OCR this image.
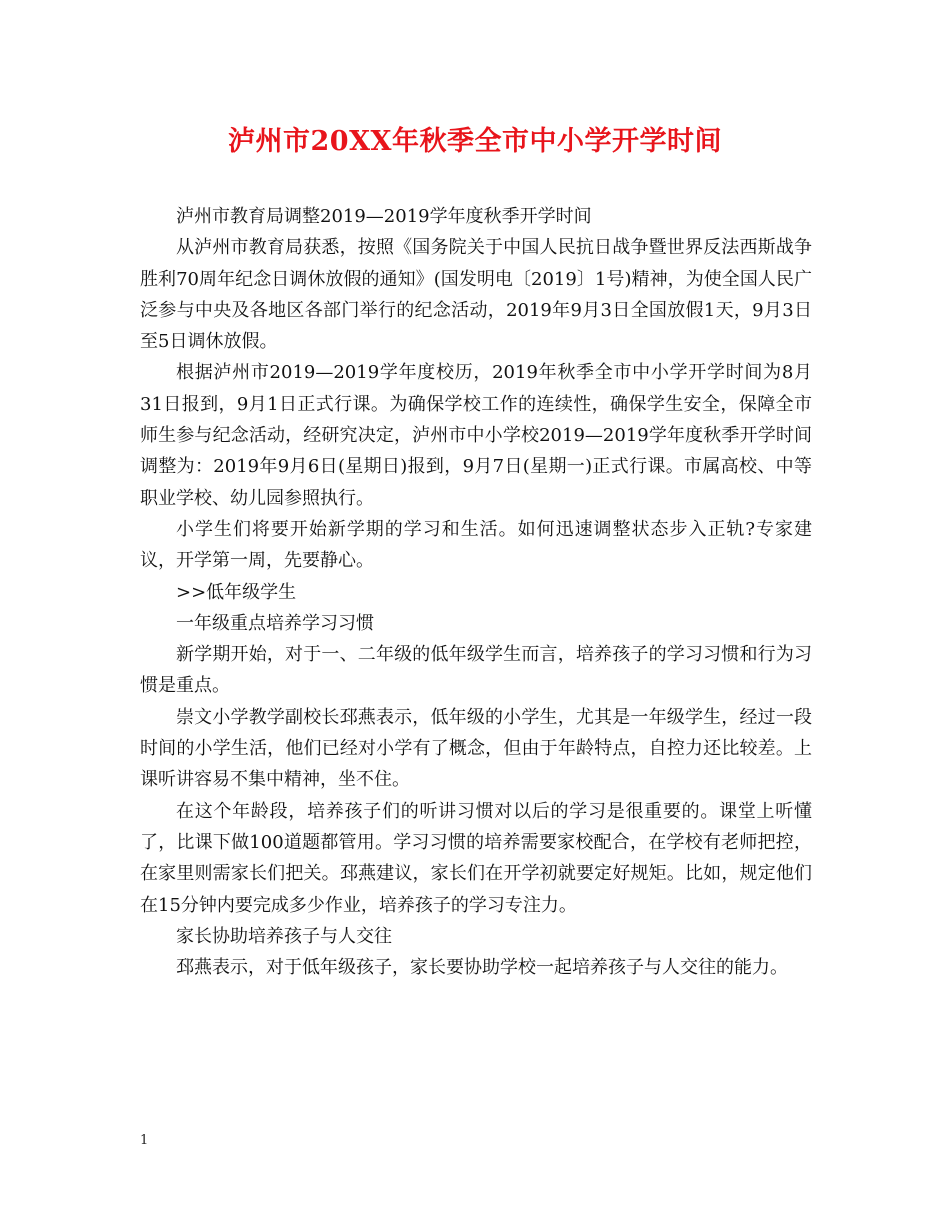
泸州市20XX年秋季全市中小学开学时间

泸州市教育局调整2019—2019学年度秋季开学时间

从泸州市教育局获悉，按照《国务院关于中国人民抗日战争暨世界反法西斯战争胜利70周年纪念日调休放假的通知》(国发明电〔2019〕1号)精神，为使全国人民广泛参与中央及各地区各部门举行的纪念活动，2019年9月3日全国放假1天，9月3日至5日调休放假。

根据泸州市2019—2019学年度校历，2019年秋季全市中小学开学时间为8月31日报到，9月1日正式行课。为确保学校工作的连续性，确保学生安全，保障全市师生参与纪念活动，经研究决定，泸州市中小学校2019—2019学年度秋季开学时间调整为：2019年9月6日(星期日)报到，9月7日(星期一)正式行课。市属高校、中等职业学校、幼儿园参照执行。

小学生们将要开始新学期的学习和生活。如何迅速调整状态步入正轨?专家建议，开学第一周，先要静心。

>>低年级学生

一年级重点培养学习习惯

新学期开始，对于一、二年级的低年级学生而言，培养孩子的学习习惯和行为习惯是重点。

崇文小学教学副校长邳燕表示，低年级的小学生，尤其是一年级学生，经过一段时间的小学生活，他们已经对小学有了概念，但由于年龄特点，自控力还比较差。上课听讲容易不集中精神，坐不住。

在这个年龄段，培养孩子们的听讲习惯对以后的学习是很重要的。课堂上听懂了，比课下做100道题都管用。学习习惯的培养需要家校配合，在学校有老师把控，在家里则需家长们把关。邳燕建议，家长们在开学初就要定好规矩。比如，规定他们在15分钟内要完成多少作业，培养孩子的学习专注力。

家长协助培养孩子与人交往

邳燕表示，对于低年级孩子，家长要协助学校一起培养孩子与人交往的能力。

1
